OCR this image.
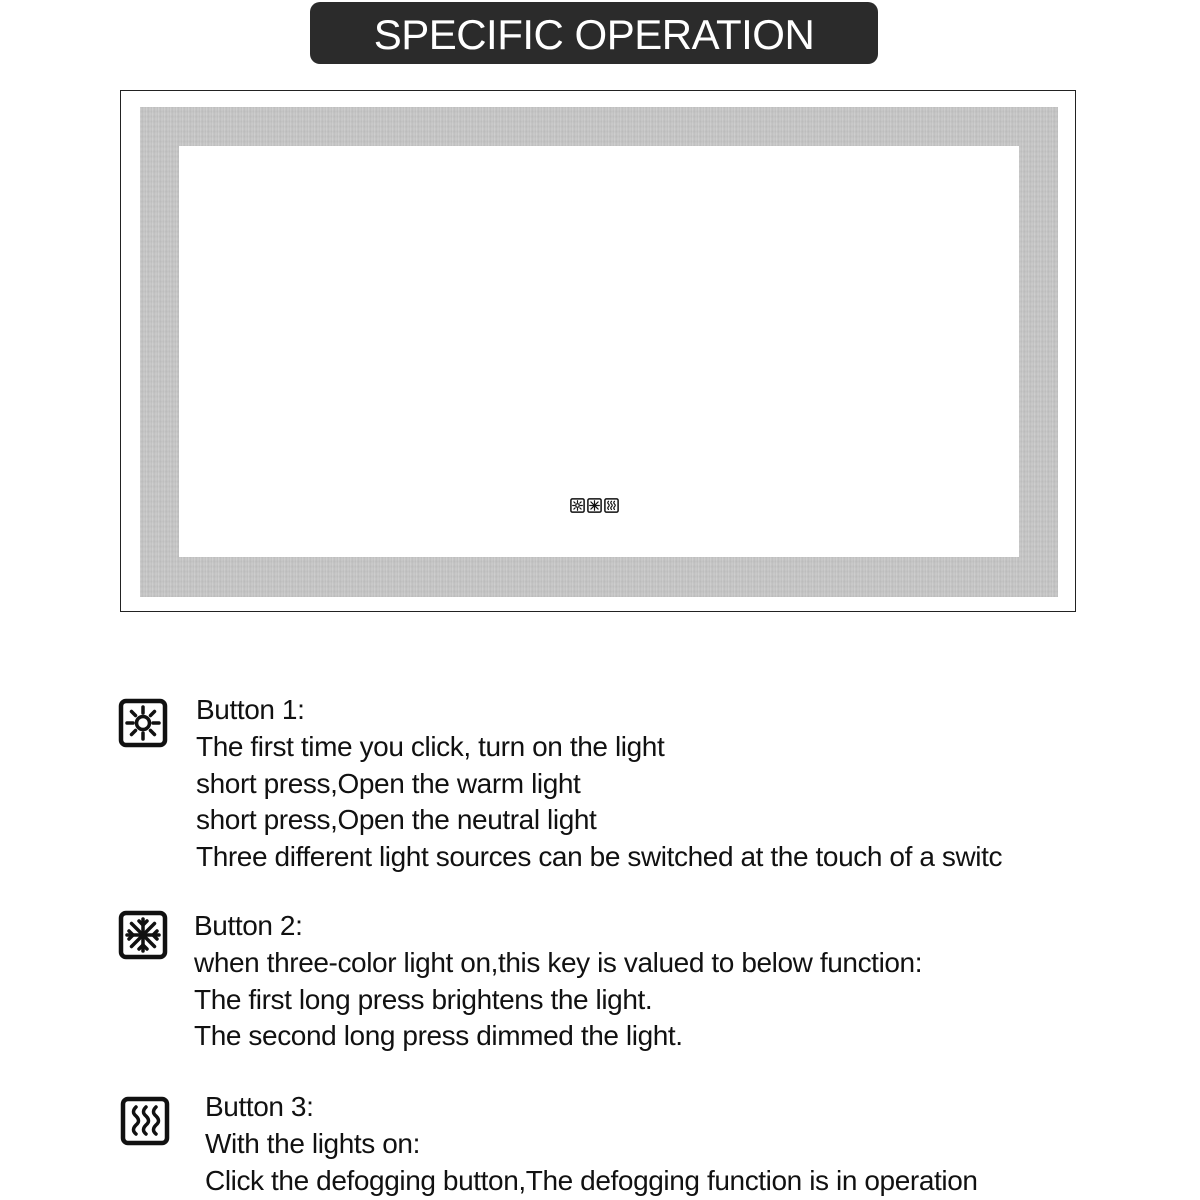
SPECIFIC OPERATION
Button 1:
The first time you click, turn on the light
short press,Open the warm light
short press,Open the neutral light
Three different light sources can be switched at the touch of a switc
Button 2:
when three-color light on,this key is valued to below function:
The first long press brightens the light.
The second long press dimmed the light.
Button 3:
With the lights on:
Click the defogging button,The defogging function is in operation
